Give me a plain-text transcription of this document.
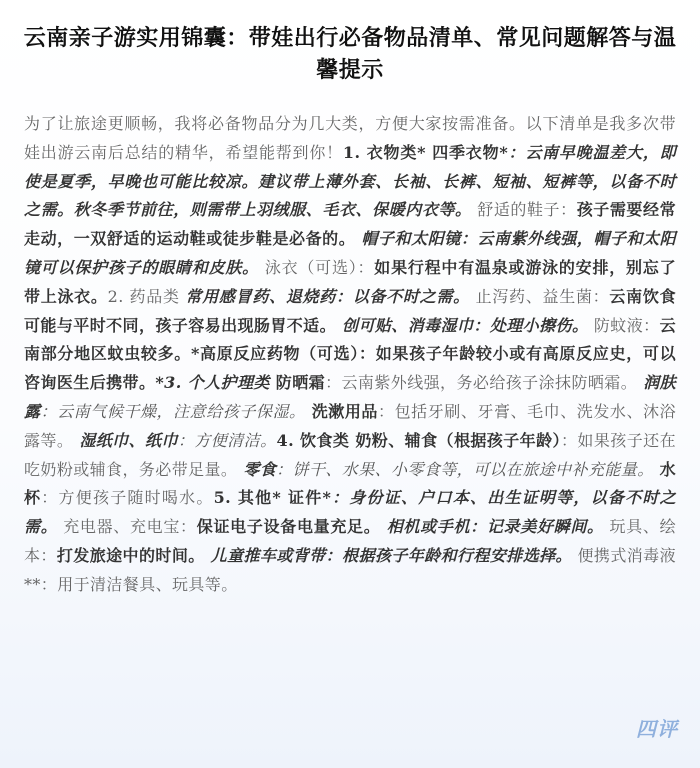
云南亲子游实用锦囊：带娃出行必备物品清单、常见问题解答与温馨提示

为了让旅途更顺畅，我将必备物品分为几大类，方便大家按需准备。以下清单是我多次带娃出游云南后总结的精华，希望能帮到你！1. 衣物类* 四季衣物*：云南早晚温差大，即使是夏季，早晚也可能比较凉。建议带上薄外套、长袖、长裤、短袖、短裤等，以备不时之需。秋冬季节前往，则需带上羽绒服、毛衣、保暖内衣等。 舒适的鞋子：孩子需要经常走动，一双舒适的运动鞋或徒步鞋是必备的。 帽子和太阳镜：云南紫外线强，帽子和太阳镜可以保护孩子的眼睛和皮肤。 泳衣（可选）：如果行程中有温泉或游泳的安排，别忘了带上泳衣。2. 药品类 常用感冒药、退烧药：以备不时之需。 止泻药、益生菌：云南饮食可能与平时不同，孩子容易出现肠胃不适。 创可贴、消毒湿巾：处理小擦伤。 防蚊液：云南部分地区蚊虫较多。*高原反应药物（可选）：如果孩子年龄较小或有高原反应史，可以咨询医生后携带。*3. 个人护理类 防晒霜：云南紫外线强，务必给孩子涂抹防晒霜。 润肤露：云南气候干燥，注意给孩子保湿。 洗漱用品：包括牙刷、牙膏、毛巾、洗发水、沐浴露等。 湿纸巾、纸巾：方便清洁。4. 饮食类 奶粉、辅食（根据孩子年龄）：如果孩子还在吃奶粉或辅食，务必带足量。 零食：饼干、水果、小零食等，可以在旅途中补充能量。 水杯：方便孩子随时喝水。5. 其他* 证件*：身份证、户口本、出生证明等，以备不时之需。 充电器、充电宝：保证电子设备电量充足。 相机或手机：记录美好瞬间。 玩具、绘本：打发旅途中的时间。 儿童推车或背带：根据孩子年龄和行程安排选择。 便携式消毒液**：用于清洁餐具、玩具等。

四评
